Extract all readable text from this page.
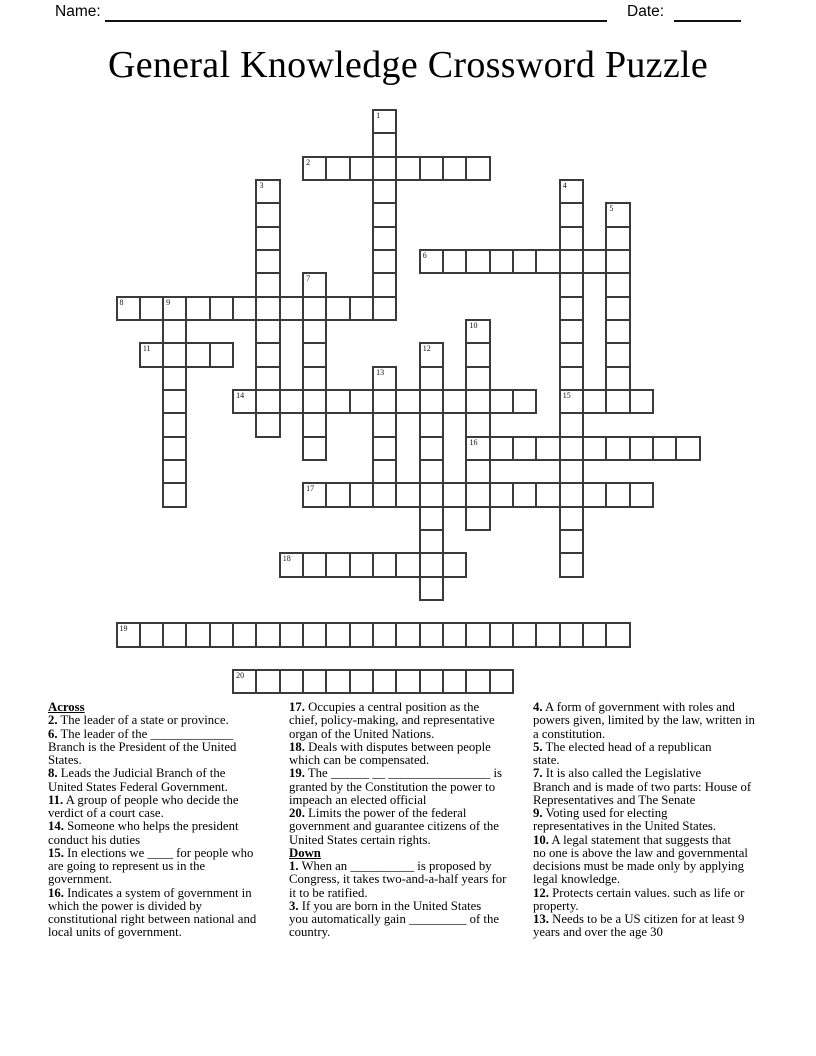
Name:	Date:
General Knowledge Crossword Puzzle
1
2
3	4
15
5
6
7
8	9
10
16
11	12
13
14
17
18
19
20
Across
2. The leader of a state or province.
6. The leader of the _____________
Branch is the President of the United
States.
8. Leads the Judicial Branch of the
United States Federal Government.
11. A group of people who decide the
verdict of a court case.
14. Someone who helps the president
conduct his duties
15. In elections we ____ for people who
are going to represent us in the
government.
16. Indicates a system of government in
which the power is divided by
constitutional right between national and
local units of government.
17. Occupies a central position as the
chief, policy-making, and representative
organ of the United Nations.
18. Deals with disputes between people
which can be compensated.
19. The ______ __ ________________ is
granted by the Constitution the power to
impeach an elected official
20. Limits the power of the federal
government and guarantee citizens of the
United States certain rights.
Down
1. When an __________ is proposed by
Congress, it takes two-and-a-half years for
it to be ratified.
3. If you are born in the United States
you automatically gain _________ of the
country.
4. A form of government with roles and
powers given, limited by the law, written in
a constitution.
5. The elected head of a republican
state.
7. It is also called the Legislative
Branch and is made of two parts: House of
Representatives and The Senate
9. Voting used for electing
representatives in the United States.
10. A legal statement that suggests that
no one is above the law and governmental
decisions must be made only by applying
legal knowledge.
12. Protects certain values. such as life or
property.
13. Needs to be a US citizen for at least 9
years and over the age 30
